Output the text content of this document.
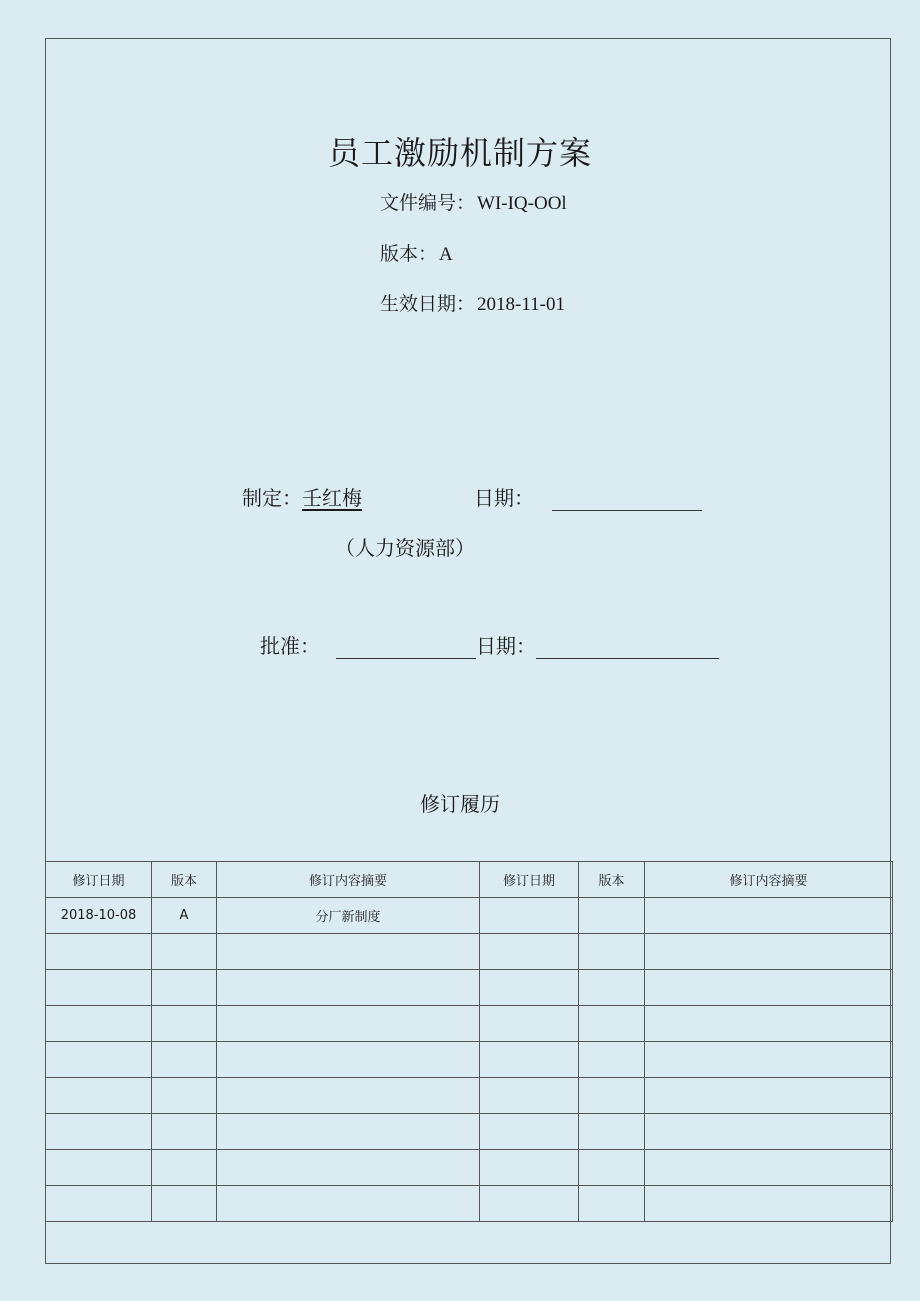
员工激励机制方案
文件编号： WI-IQ-OOl
版本： A
生效日期： 2018-11-01
制定：壬红梅	日期：
（人力资源部）
批准：	日期：
修订履历
修订日期	版本	修订内容摘要	修订日期	版本	修订内容摘要
2018-10-08	A	分厂新制度			
